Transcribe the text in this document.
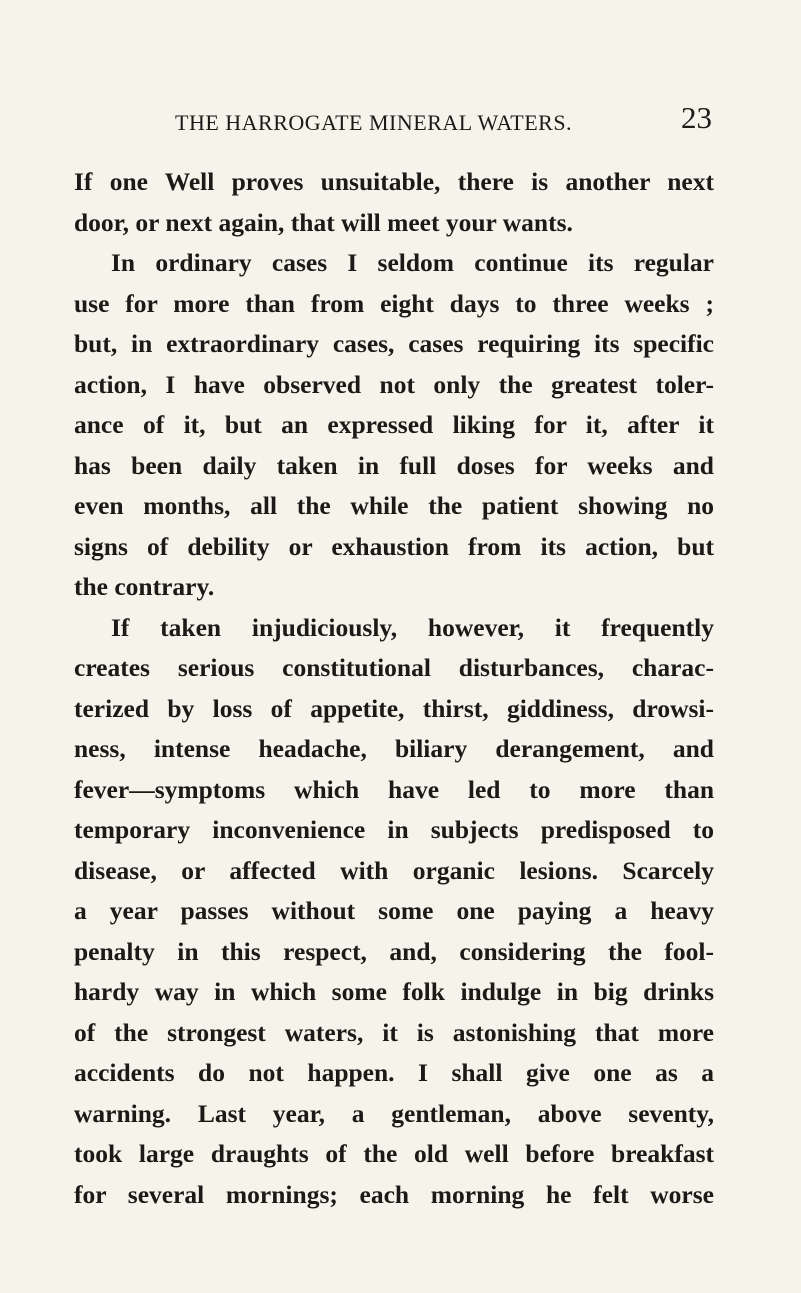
THE HARROGATE MINERAL WATERS.	23
If one Well proves unsuitable, there is another next
door, or next again, that will meet your wants.
In ordinary cases I seldom continue its regular
use for more than from eight days to three weeks ;
but, in extraordinary cases, cases requiring its specific
action, I have observed not only the greatest toler-
ance of it, but an expressed liking for it, after it
has been daily taken in full doses for weeks and
even months, all the while the patient showing no
signs of debility or exhaustion from its action, but
the contrary.
If taken injudiciously, however, it frequently
creates serious constitutional disturbances, charac-
terized by loss of appetite, thirst, giddiness, drowsi-
ness, intense headache, biliary derangement, and
fever—symptoms which have led to more than
temporary inconvenience in subjects predisposed to
disease, or affected with organic lesions. Scarcely
a year passes without some one paying a heavy
penalty in this respect, and, considering the fool-
hardy way in which some folk indulge in big drinks
of the strongest waters, it is astonishing that more
accidents do not happen. I shall give one as a
warning. Last year, a gentleman, above seventy,
took large draughts of the old well before breakfast
for several mornings; each morning he felt worse
